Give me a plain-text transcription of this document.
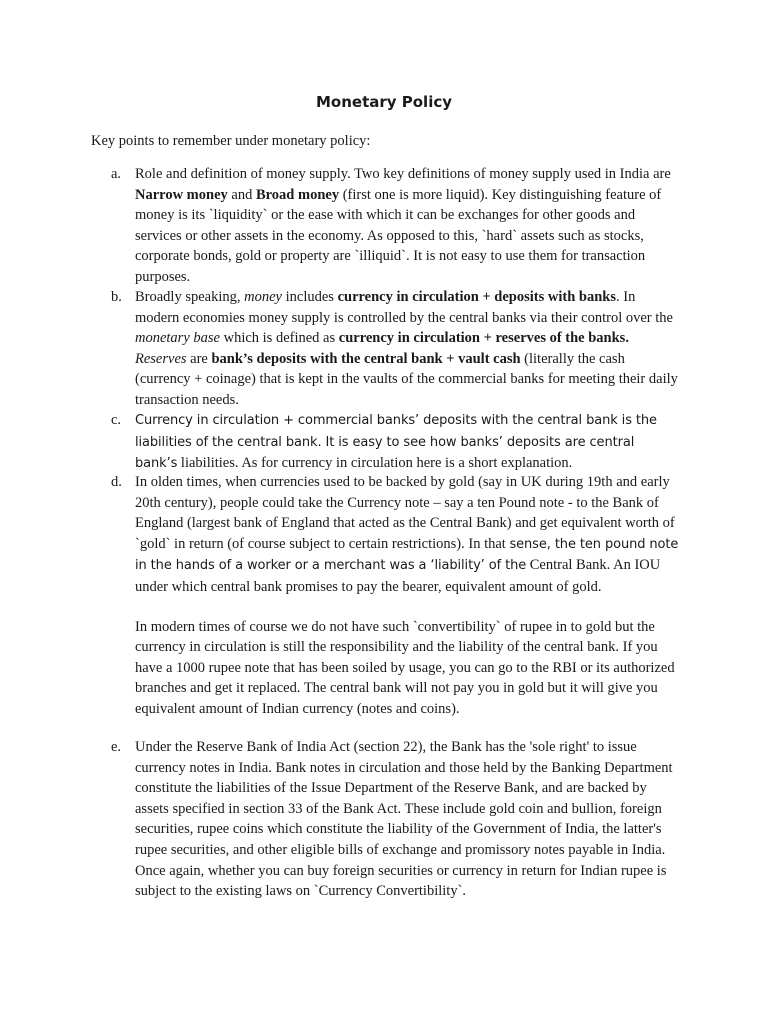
Monetary Policy

Key points to remember under monetary policy:

a. Role and definition of money supply. Two key definitions of money supply used in India are Narrow money and Broad money (first one is more liquid). Key distinguishing feature of money is its `liquidity` or the ease with which it can be exchanges for other goods and services or other assets in the economy. As opposed to this, `hard` assets such as stocks, corporate bonds, gold or property are `illiquid`. It is not easy to use them for transaction purposes.

b. Broadly speaking, money includes currency in circulation + deposits with banks. In modern economies money supply is controlled by the central banks via their control over the monetary base which is defined as currency in circulation + reserves of the banks.
Reserves are bank’s deposits with the central bank + vault cash (literally the cash (currency + coinage) that is kept in the vaults of the commercial banks for meeting their daily transaction needs.

c. Currency in circulation + commercial banks’ deposits with the central bank is the liabilities of the central bank. It is easy to see how banks’ deposits are central bank’s liabilities. As for currency in circulation here is a short explanation.

d. In olden times, when currencies used to be backed by gold (say in UK during 19th and early 20th century), people could take the Currency note – say a ten Pound note - to the Bank of England (largest bank of England that acted as the Central Bank) and get equivalent worth of `gold` in return (of course subject to certain restrictions). In that sense, the ten pound note in the hands of a worker or a merchant was a ‘liability’ of the Central Bank. An IOU under which central bank promises to pay the bearer, equivalent amount of gold.

In modern times of course we do not have such `convertibility` of rupee in to gold but the currency in circulation is still the responsibility and the liability of the central bank. If you have a 1000 rupee note that has been soiled by usage, you can go to the RBI or its authorized branches and get it replaced. The central bank will not pay you in gold but it will give you equivalent amount of Indian currency (notes and coins).

e. Under the Reserve Bank of India Act (section 22), the Bank has the 'sole right' to issue currency notes in India. Bank notes in circulation and those held by the Banking Department constitute the liabilities of the Issue Department of the Reserve Bank, and are backed by assets specified in section 33 of the Bank Act. These include gold coin and bullion, foreign securities, rupee coins which constitute the liability of the Government of India, the latter's rupee securities, and other eligible bills of exchange and promissory notes payable in India. Once again, whether you can buy foreign securities or currency in return for Indian rupee is subject to the existing laws on `Currency Convertibility`.
